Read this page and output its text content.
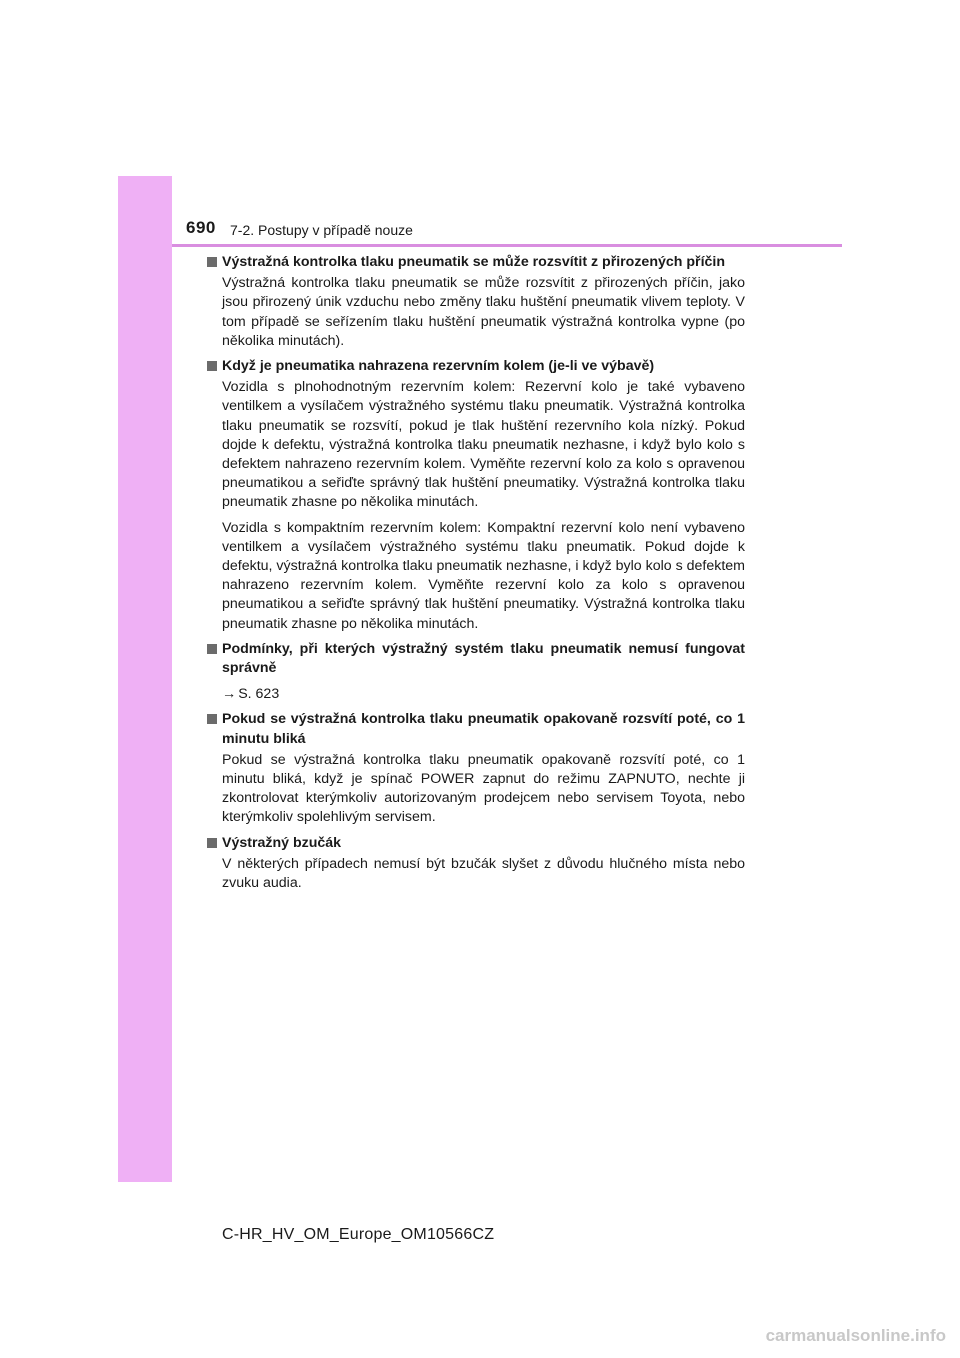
690 7-2. Postupy v případě nouze
Výstražná kontrolka tlaku pneumatik se může rozsvítit z přirozených příčin
Výstražná kontrolka tlaku pneumatik se může rozsvítit z přirozených příčin, jako jsou přirozený únik vzduchu nebo změny tlaku huštění pneumatik vlivem teploty. V tom případě se seřízením tlaku huštění pneumatik výstražná kontrolka vypne (po několika minutách).
Když je pneumatika nahrazena rezervním kolem (je-li ve výbavě)
Vozidla s plnohodnotným rezervním kolem: Rezervní kolo je také vybaveno ventilkem a vysílačem výstražného systému tlaku pneumatik. Výstražná kontrolka tlaku pneumatik se rozsvítí, pokud je tlak huštění rezervního kola nízký. Pokud dojde k defektu, výstražná kontrolka tlaku pneumatik nezhasne, i když bylo kolo s defektem nahrazeno rezervním kolem. Vyměňte rezervní kolo za kolo s opravenou pneumatikou a seřiďte správný tlak huštění pneumatiky. Výstražná kontrolka tlaku pneumatik zhasne po několika minutách.
Vozidla s kompaktním rezervním kolem: Kompaktní rezervní kolo není vybaveno ventilkem a vysílačem výstražného systému tlaku pneumatik. Pokud dojde k defektu, výstražná kontrolka tlaku pneumatik nezhasne, i když bylo kolo s defektem nahrazeno rezervním kolem. Vyměňte rezervní kolo za kolo s opravenou pneumatikou a seřiďte správný tlak huštění pneumatiky. Výstražná kontrolka tlaku pneumatik zhasne po několika minutách.
Podmínky, při kterých výstražný systém tlaku pneumatik nemusí fungovat správně
→ S. 623
Pokud se výstražná kontrolka tlaku pneumatik opakovaně rozsvítí poté, co 1 minutu bliká
Pokud se výstražná kontrolka tlaku pneumatik opakovaně rozsvítí poté, co 1 minutu bliká, když je spínač POWER zapnut do režimu ZAPNUTO, nechte ji zkontrolovat kterýmkoliv autorizovaným prodejcem nebo servisem Toyota, nebo kterýmkoliv spolehlivým servisem.
Výstražný bzučák
V některých případech nemusí být bzučák slyšet z důvodu hlučného místa nebo zvuku audia.
C-HR_HV_OM_Europe_OM10566CZ
carmanualsonline.info
